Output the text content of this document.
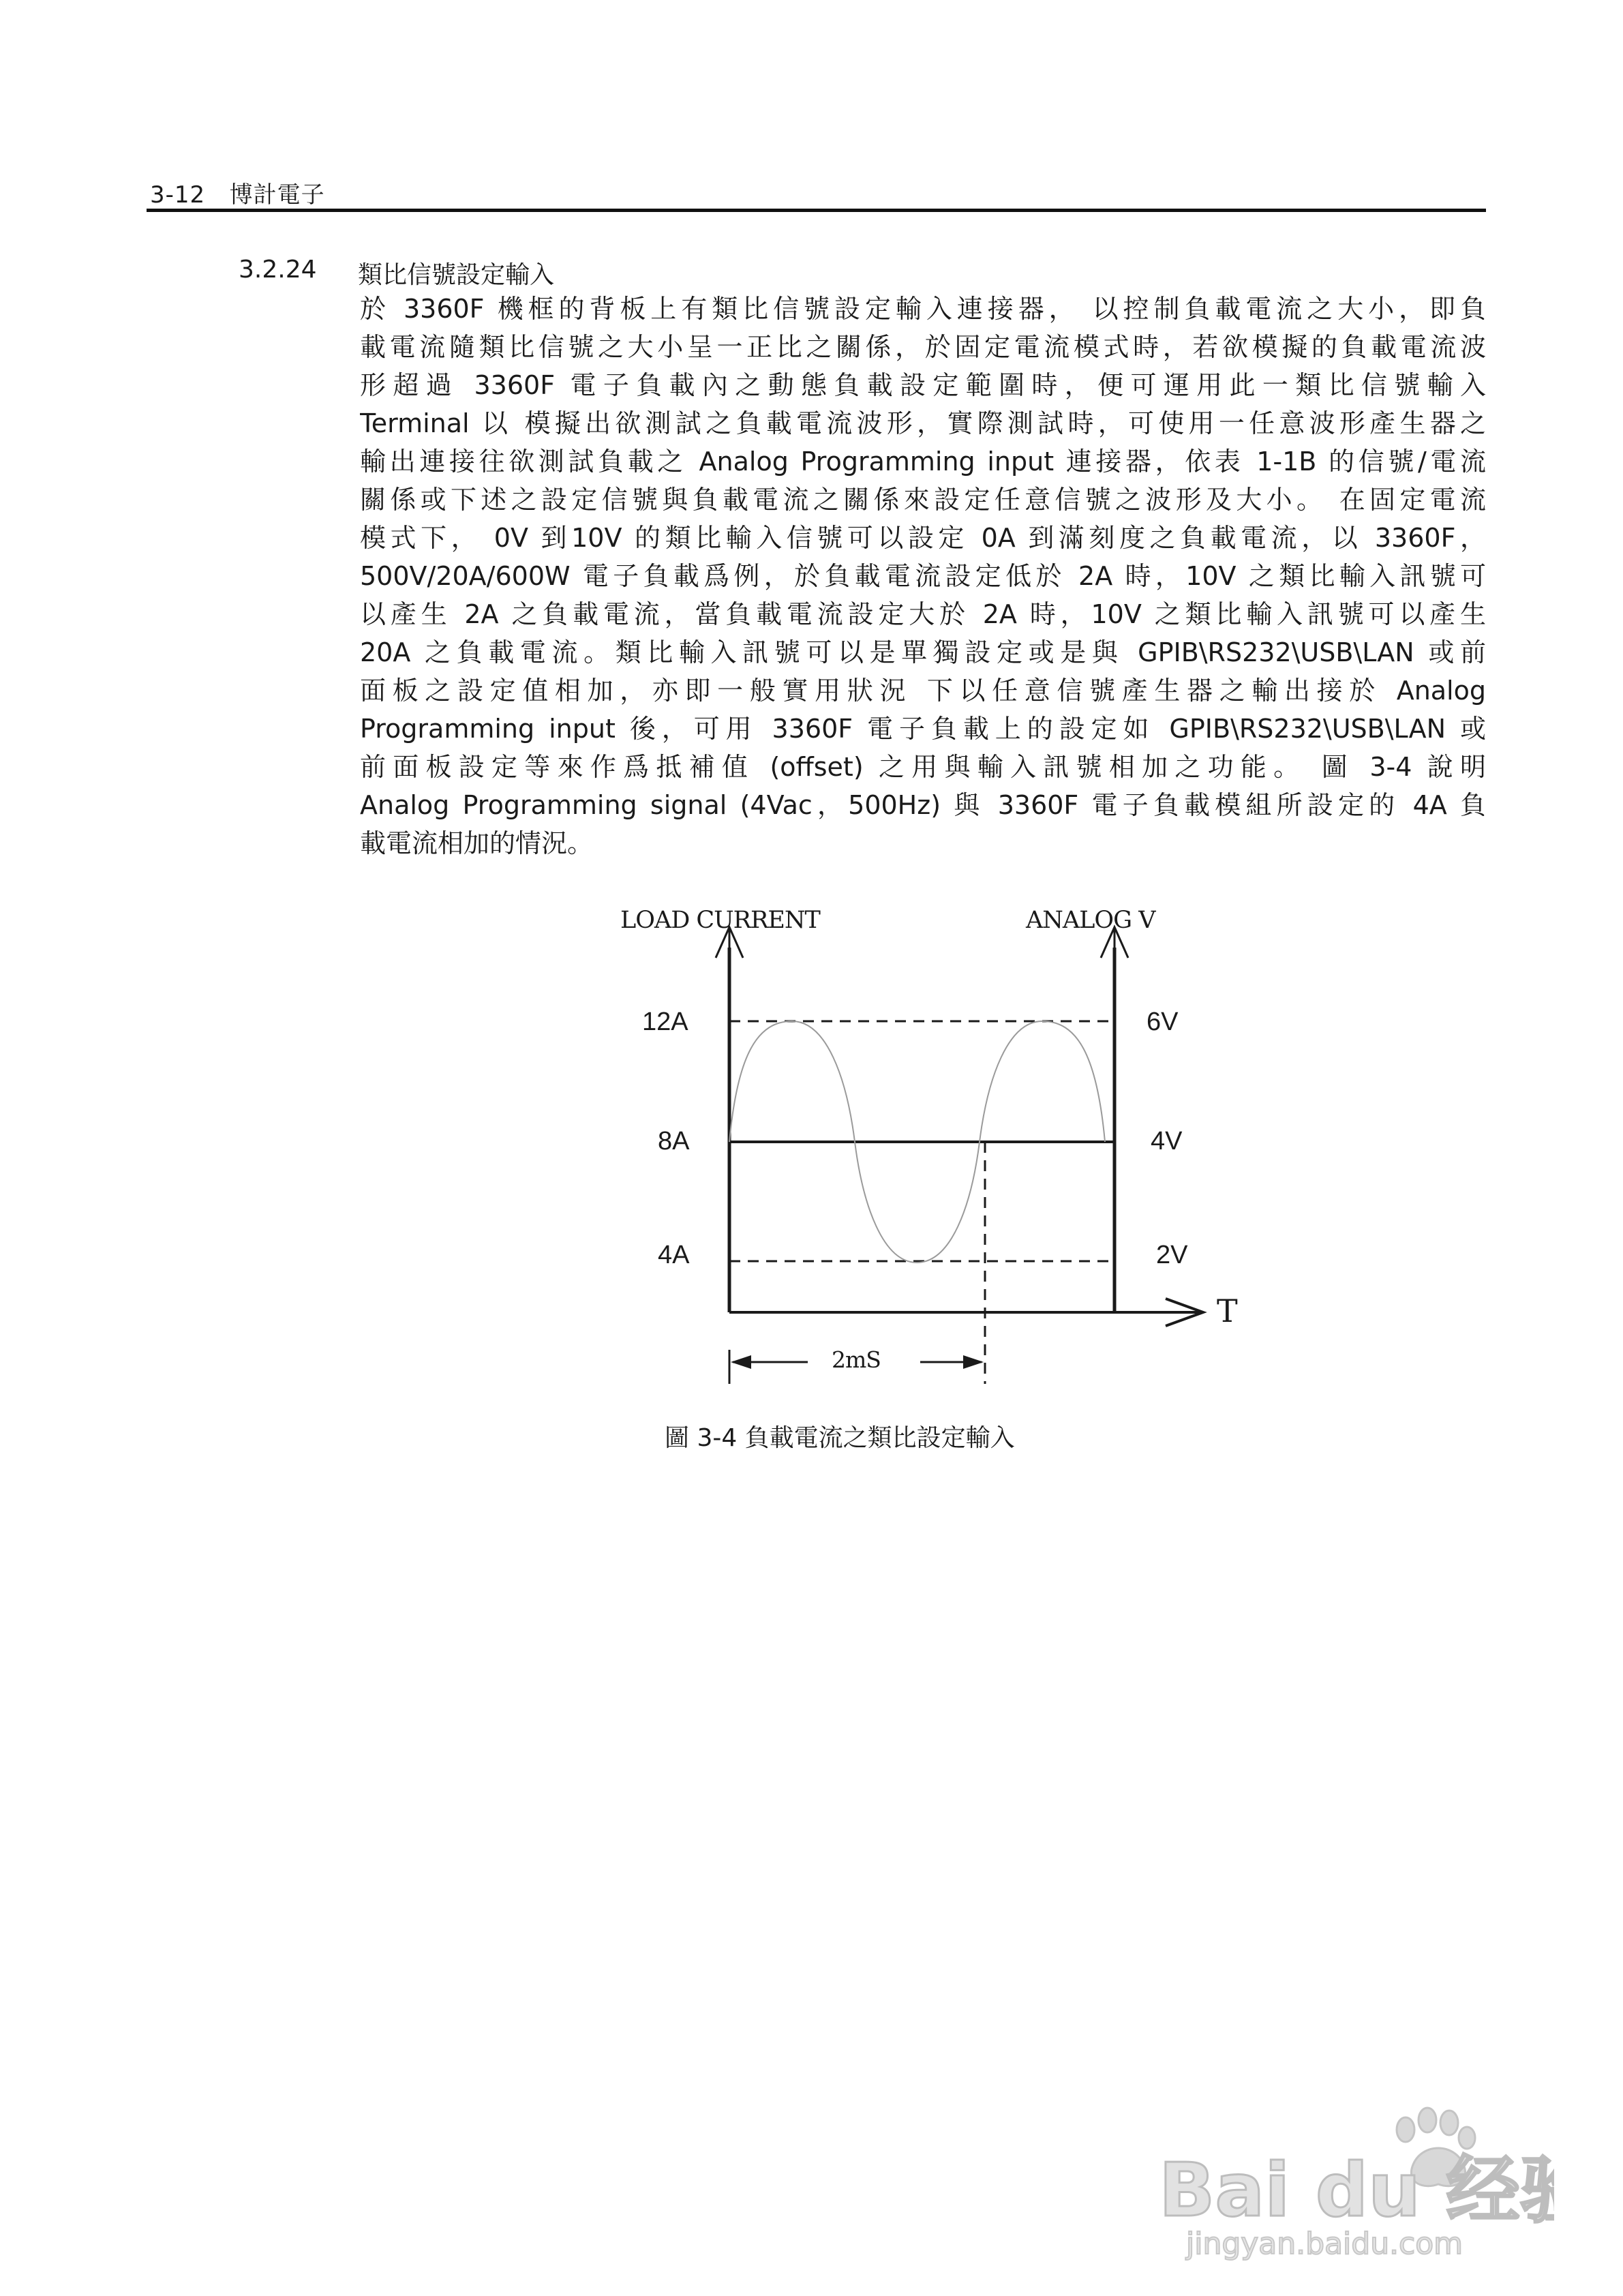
3-12 博計電子
3.2.24 類比信號設定輸入
於 3360F 機框的背板上有類比信號設定輸入連接器， 以控制負載電流之大小，即負
載電流隨類比信號之大小呈一正比之關係，於固定電流模式時，若欲模擬的負載電流波
形超過 3360F 電子負載內之動態負載設定範圍時，便可運用此一類比信號輸入
Terminal 以 模擬出欲測試之負載電流波形，實際測試時，可使用一任意波形產生器之
輸出連接往欲測試負載之 Analog Programming input 連接器，依表 1-1B 的信號/電流
關係或下述之設定信號與負載電流之關係來設定任意信號之波形及大小。 在固定電流
模式下， 0V 到10V 的類比輸入信號可以設定 0A 到滿刻度之負載電流，以 3360F，
500V/20A/600W 電子負載爲例，於負載電流設定低於 2A 時，10V 之類比輸入訊號可
以產生 2A 之負載電流，當負載電流設定大於 2A 時，10V 之類比輸入訊號可以產生
20A 之負載電流。類比輸入訊號可以是單獨設定或是與 GPIB\RS232\USB\LAN 或前
面板之設定值相加，亦即一般實用狀況 下以任意信號產生器之輸出接於 Analog
Programming input 後，可用 3360F 電子負載上的設定如 GPIB\RS232\USB\LAN 或
前面板設定等來作爲抵補值 (offset) 之用與輸入訊號相加之功能。 圖 3-4 說明
Analog Programming signal (4Vac，500Hz) 與 3360F 電子負載模組所設定的 4A 負
載電流相加的情況。
LOAD CURRENT	ANALOG V
12A
8A
4A
6V
4V
2V
T
2mS
圖 3-4 負載電流之類比設定輸入
Bai du 经验
jingyan.baidu.com
